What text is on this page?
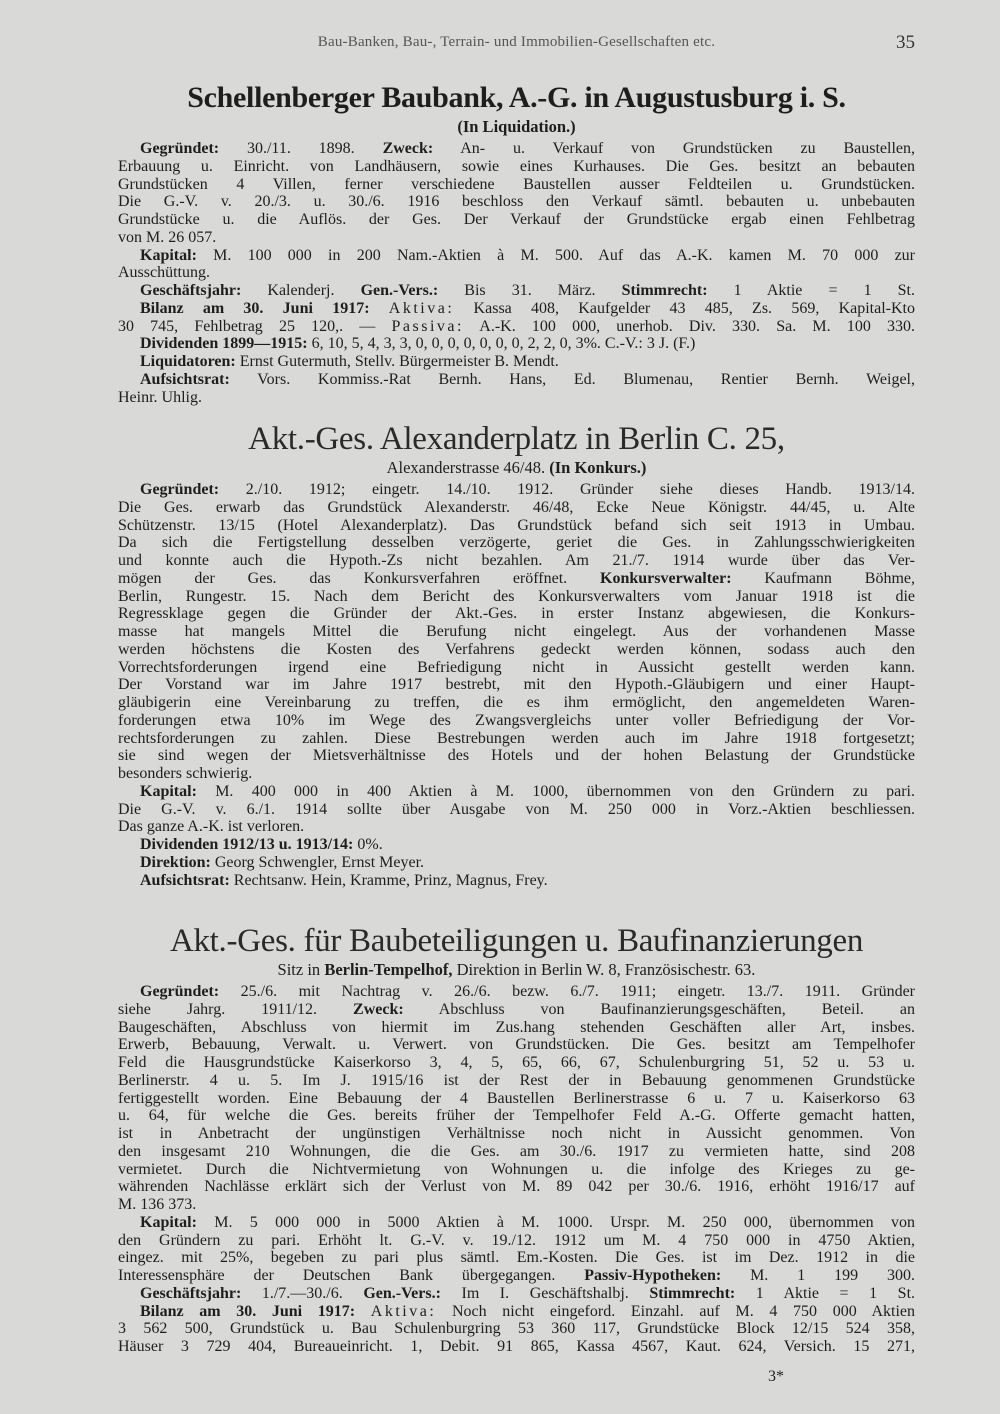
Bau-Banken, Bau-, Terrain- und Immobilien-Gesellschaften etc.	35
Schellenberger Baubank, A.-G. in Augustusburg i. S.
(In Liquidation.)
Gegründet: 30./11. 1898. Zweck: An- u. Verkauf von Grundstücken zu Baustellen,
Erbauung u. Einricht. von Landhäusern, sowie eines Kurhauses. Die Ges. besitzt an bebauten
Grundstücken 4 Villen, ferner verschiedene Baustellen ausser Feldteilen u. Grundstücken.
Die G.-V. v. 20./3. u. 30./6. 1916 beschloss den Verkauf sämtl. bebauten u. unbebauten
Grundstücke u. die Auflös. der Ges. Der Verkauf der Grundstücke ergab einen Fehlbetrag
von M. 26 057.
Kapital: M. 100 000 in 200 Nam.-Aktien à M. 500. Auf das A.-K. kamen M. 70 000 zur
Ausschüttung.
Geschäftsjahr: Kalenderj. Gen.-Vers.: Bis 31. März. Stimmrecht: 1 Aktie = 1 St.
Bilanz am 30. Juni 1917: Aktiva: Kassa 408, Kaufgelder 43 485, Zs. 569, Kapital-Kto
30 745, Fehlbetrag 25 120,. — Passiva: A.-K. 100 000, unerhob. Div. 330. Sa. M. 100 330.
Dividenden 1899—1915: 6, 10, 5, 4, 3, 3, 0, 0, 0, 0, 0, 0, 0, 2, 2, 0, 3%. C.-V.: 3 J. (F.)
Liquidatoren: Ernst Gutermuth, Stellv. Bürgermeister B. Mendt.
Aufsichtsrat: Vors. Kommiss.-Rat Bernh. Hans, Ed. Blumenau, Rentier Bernh. Weigel,
Heinr. Uhlig.
Akt.-Ges. Alexanderplatz in Berlin C. 25,
Alexanderstrasse 46/48. (In Konkurs.)
Gegründet: 2./10. 1912; eingetr. 14./10. 1912. Gründer siehe dieses Handb. 1913/14.
Die Ges. erwarb das Grundstück Alexanderstr. 46/48, Ecke Neue Königstr. 44/45, u. Alte
Schützenstr. 13/15 (Hotel Alexanderplatz). Das Grundstück befand sich seit 1913 in Umbau.
Da sich die Fertigstellung desselben verzögerte, geriet die Ges. in Zahlungsschwierigkeiten
und konnte auch die Hypoth.-Zs nicht bezahlen. Am 21./7. 1914 wurde über das Ver-
mögen der Ges. das Konkursverfahren eröffnet. Konkursverwalter: Kaufmann Böhme,
Berlin, Rungestr. 15. Nach dem Bericht des Konkursverwalters vom Januar 1918 ist die
Regressklage gegen die Gründer der Akt.-Ges. in erster Instanz abgewiesen, die Konkurs-
masse hat mangels Mittel die Berufung nicht eingelegt. Aus der vorhandenen Masse
werden höchstens die Kosten des Verfahrens gedeckt werden können, sodass auch den
Vorrechtsforderungen irgend eine Befriedigung nicht in Aussicht gestellt werden kann.
Der Vorstand war im Jahre 1917 bestrebt, mit den Hypoth.-Gläubigern und einer Haupt-
gläubigerin eine Vereinbarung zu treffen, die es ihm ermöglicht, den angemeldeten Waren-
forderungen etwa 10% im Wege des Zwangsvergleichs unter voller Befriedigung der Vor-
rechtsforderungen zu zahlen. Diese Bestrebungen werden auch im Jahre 1918 fortgesetzt;
sie sind wegen der Mietsverhältnisse des Hotels und der hohen Belastung der Grundstücke
besonders schwierig.
Kapital: M. 400 000 in 400 Aktien à M. 1000, übernommen von den Gründern zu pari.
Die G.-V. v. 6./1. 1914 sollte über Ausgabe von M. 250 000 in Vorz.-Aktien beschliessen.
Das ganze A.-K. ist verloren.
Dividenden 1912/13 u. 1913/14: 0%.
Direktion: Georg Schwengler, Ernst Meyer.
Aufsichtsrat: Rechtsanw. Hein, Kramme, Prinz, Magnus, Frey.
Akt.-Ges. für Baubeteiligungen u. Baufinanzierungen
Sitz in Berlin-Tempelhof, Direktion in Berlin W. 8, Französischestr. 63.
Gegründet: 25./6. mit Nachtrag v. 26./6. bezw. 6./7. 1911; eingetr. 13./7. 1911. Gründer
siehe Jahrg. 1911/12. Zweck: Abschluss von Baufinanzierungsgeschäften, Beteil. an
Baugeschäften, Abschluss von hiermit im Zus.hang stehenden Geschäften aller Art, insbes.
Erwerb, Bebauung, Verwalt. u. Verwert. von Grundstücken. Die Ges. besitzt am Tempelhofer
Feld die Hausgrundstücke Kaiserkorso 3, 4, 5, 65, 66, 67, Schulenburgring 51, 52 u. 53 u.
Berlinerstr. 4 u. 5. Im J. 1915/16 ist der Rest der in Bebauung genommenen Grundstücke
fertiggestellt worden. Eine Bebauung der 4 Baustellen Berlinerstrasse 6 u. 7 u. Kaiserkorso 63
u. 64, für welche die Ges. bereits früher der Tempelhofer Feld A.-G. Offerte gemacht hatten,
ist in Anbetracht der ungünstigen Verhältnisse noch nicht in Aussicht genommen. Von
den insgesamt 210 Wohnungen, die die Ges. am 30./6. 1917 zu vermieten hatte, sind 208
vermietet. Durch die Nichtvermietung von Wohnungen u. die infolge des Krieges zu ge-
währenden Nachlässe erklärt sich der Verlust von M. 89 042 per 30./6. 1916, erhöht 1916/17 auf
M. 136 373.
Kapital: M. 5 000 000 in 5000 Aktien à M. 1000. Urspr. M. 250 000, übernommen von
den Gründern zu pari. Erhöht lt. G.-V. v. 19./12. 1912 um M. 4 750 000 in 4750 Aktien,
eingez. mit 25%, begeben zu pari plus sämtl. Em.-Kosten. Die Ges. ist im Dez. 1912 in die
Interessensphäre der Deutschen Bank übergegangen. Passiv-Hypotheken: M. 1 199 300.
Geschäftsjahr: 1./7.—30./6. Gen.-Vers.: Im I. Geschäftshalbj. Stimmrecht: 1 Aktie = 1 St.
Bilanz am 30. Juni 1917: Aktiva: Noch nicht eingeford. Einzahl. auf M. 4 750 000 Aktien
3 562 500, Grundstück u. Bau Schulenburgring 53 360 117, Grundstücke Block 12/15 524 358,
Häuser 3 729 404, Bureaueinricht. 1, Debit. 91 865, Kassa 4567, Kaut. 624, Versich. 15 271,
3*
